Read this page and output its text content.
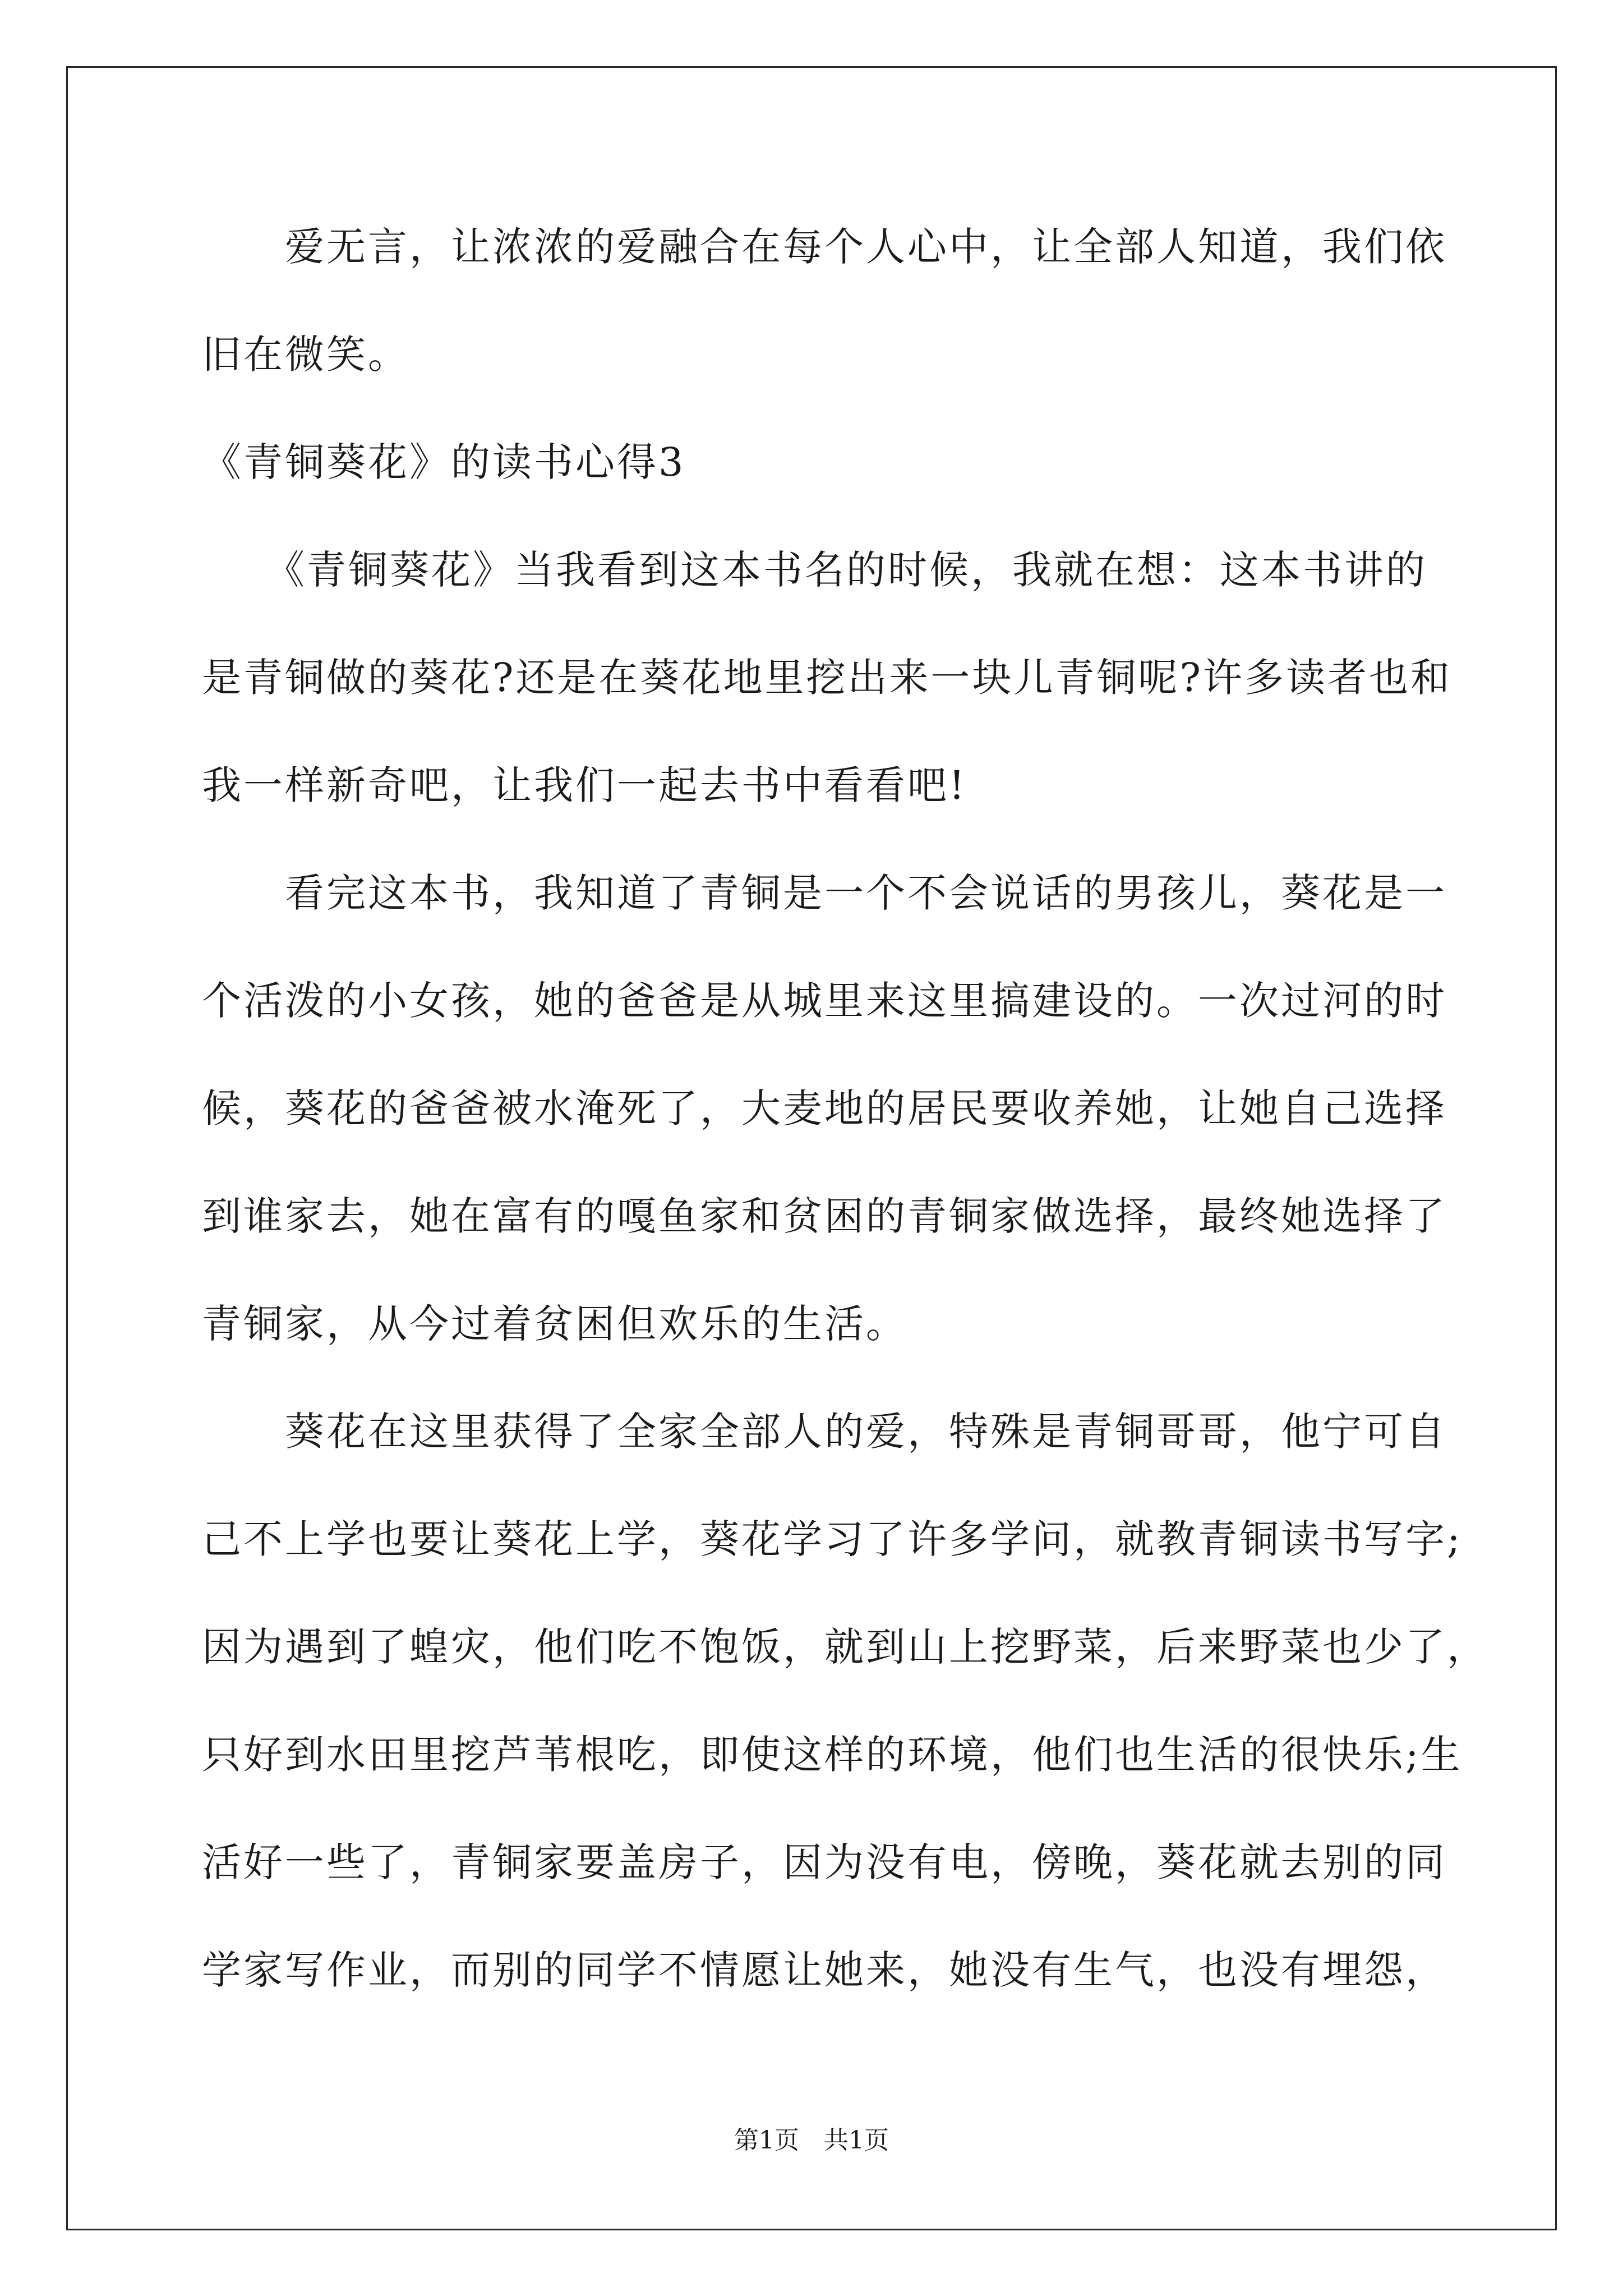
　　爱无言，让浓浓的爱融合在每个人心中，让全部人知道，我们依
旧在微笑。
《青铜葵花》的读书心得3
　　《青铜葵花》当我看到这本书名的时候，我就在想：这本书讲的
是青铜做的葵花?还是在葵花地里挖出来一块儿青铜呢?许多读者也和
我一样新奇吧，让我们一起去书中看看吧!
　　看完这本书，我知道了青铜是一个不会说话的男孩儿，葵花是一
个活泼的小女孩，她的爸爸是从城里来这里搞建设的。一次过河的时
候，葵花的爸爸被水淹死了，大麦地的居民要收养她，让她自己选择
到谁家去，她在富有的嘎鱼家和贫困的青铜家做选择，最终她选择了
青铜家，从今过着贫困但欢乐的生活。
　　葵花在这里获得了全家全部人的爱，特殊是青铜哥哥，他宁可自
己不上学也要让葵花上学，葵花学习了许多学问，就教青铜读书写字;
因为遇到了蝗灾，他们吃不饱饭，就到山上挖野菜，后来野菜也少了，
只好到水田里挖芦苇根吃，即使这样的环境，他们也生活的很快乐;生
活好一些了，青铜家要盖房子，因为没有电，傍晚，葵花就去别的同
学家写作业，而别的同学不情愿让她来，她没有生气，也没有埋怨，
第1页　共1页
